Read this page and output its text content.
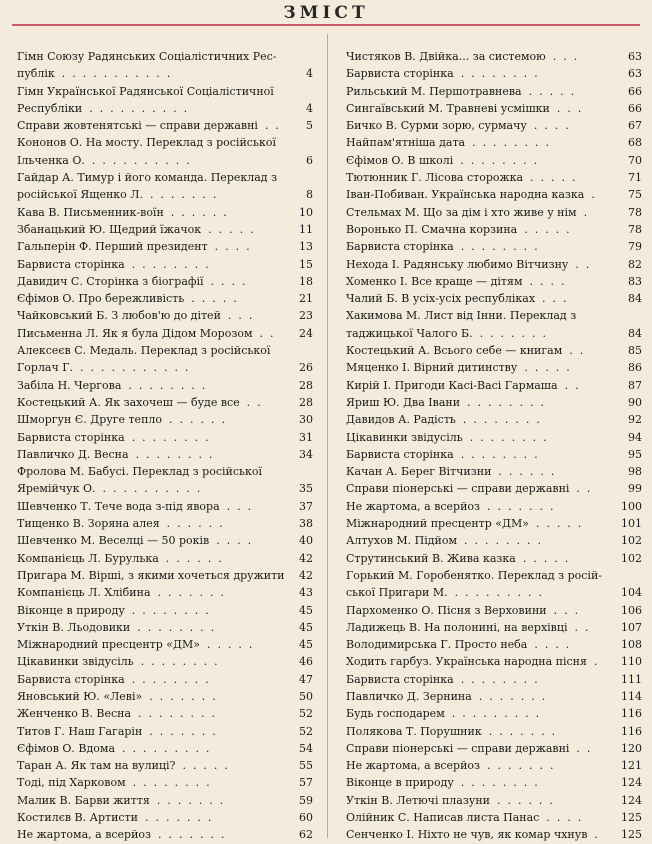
ЗМІСТ
Гімн Союзу Радянських Соціалістичних Рес-
публік  .  .  .  .  .  .  .  .  .  .  .	4
Гімн Української Радянської Соціалістичної
Республіки  .  .  .  .  .  .  .  .  .  .	4
Справи жовтенятські — справи державні  .  .	5
Кононов О. На мосту. Переклад з російської
Ільченка О.  .  .  .  .  .  .  .  .  .  .	6
Гайдар А. Тимур і його команда. Переклад з
російської Ященко Л.  .  .  .  .  .  .  .	8
Кава В. Письменник-воїн  .  .  .  .  .  .	10
Збанацький Ю. Щедрий їжачок  .  .  .  .  .	11
Гальперін Ф. Перший президент  .  .  .  .	13
Барвиста сторінка  .  .  .  .  .  .  .  .	15
Давидич С. Сторінка з біографії  .  .  .  .	18
Єфімов О. Про бережливість  .  .  .  .  .	21
Чайковський Б. З любов'ю до дітей  .  .  .	23
Письменна Л. Як я була Дідом Морозом  .  .	24
Алексеєв С. Медаль. Переклад з російської
Горлач Г.  .  .  .  .  .  .  .  .  .  .  .	26
Забіла Н. Чергова  .  .  .  .  .  .  .  .	28
Костецький А. Як захочеш — буде все  .  .	28
Шморгун Є. Друге тепло  .  .  .  .  .  .	30
Барвиста сторінка  .  .  .  .  .  .  .  .	31
Павличко Д. Весна  .  .  .  .  .  .  .  .	34
Фролова М. Бабусі. Переклад з російської
Яремійчук О.  .  .  .  .  .  .  .  .  .  .	35
Шевченко Т. Тече вода з-під явора  .  .  .	37
Тищенко В. Зоряна алея  .  .  .  .  .  .	38
Шевченко М. Веселці — 50 років  .  .  .  .	40
Компанієць Л. Бурулька  .  .  .  .  .  .	42
Пригара М. Вірші, з якими хочеться дружити	42
Компанієць Л. Хлібина  .  .  .  .  .  .  .	43
Віконце в природу  .  .  .  .  .  .  .  .	45
Уткін В. Льодовики  .  .  .  .  .  .  .  .	45
Міжнародний пресцентр «ДМ»  .  .  .  .  .	45
Цікавинки звідусіль  .  .  .  .  .  .  .  .	46
Барвиста сторінка  .  .  .  .  .  .  .  .	47
Яновський Ю. «Леві»  .  .  .  .  .  .  .	50
Женченко В. Весна  .  .  .  .  .  .  .  .	52
Титов Г. Наш Гагарін  .  .  .  .  .  .  .	52
Єфімов О. Вдома  .  .  .  .  .  .  .  .  .	54
Таран А. Як там на вулиці?  .  .  .  .  .	55
Тоді, під Харковом  .  .  .  .  .  .  .  .	57
Малик В. Барви життя  .  .  .  .  .  .  .	59
Костилєв В. Артисти  .  .  .  .  .  .  .	60
Не жартома, а всерйоз  .  .  .  .  .  .  .	62
Чистяков В. Двійка... за системою  .  .  .	63
Барвиста сторінка  .  .  .  .  .  .  .  .	63
Рильський М. Першотравнева  .  .  .  .  .	66
Сингаївський М. Травневі усмішки  .  .  .	66
Бичко В. Сурми зорю, сурмачу  .  .  .  .	67
Найпам'ятніша дата  .  .  .  .  .  .  .  .	68
Єфімов О. В школі  .  .  .  .  .  .  .  .	70
Тютюнник Г. Лісова сторожка  .  .  .  .  .	71
Іван-Побиван. Українська народна казка  .	75
Стельмах М. Що за дім і хто живе у нім  .	78
Воронько П. Смачна корзина  .  .  .  .  .	78
Барвиста сторінка  .  .  .  .  .  .  .  .	79
Нехода І. Радянську любимо Вітчизну  .  .	82
Хоменко І. Все краще — дітям  .  .  .  .	83
Чалий Б. В усіх-усіх республіках  .  .  .	84
Хакимова М. Лист від Інни. Переклад з
таджицької Чалого Б.  .  .  .  .  .  .  .	84
Костецький А. Всього себе — книгам  .  .	85
Мяценко І. Вірний дитинству  .  .  .  .  .	86
Кирій І. Пригоди Касі-Васі Гармаша  .  .	87
Яриш Ю. Два Івани  .  .  .  .  .  .  .  .	90
Давидов А. Радість  .  .  .  .  .  .  .  .	92
Цікавинки звідусіль  .  .  .  .  .  .  .  .	94
Барвиста сторінка  .  .  .  .  .  .  .  .	95
Качан А. Берег Вітчизни  .  .  .  .  .  .	98
Справи піонерські — справи державні  .  .	99
Не жартома, а всерйоз  .  .  .  .  .  .  .	100
Міжнародний пресцентр «ДМ»  .  .  .  .  .	101
Алтухов М. Підйом  .  .  .  .  .  .  .  .	102
Струтинський В. Жива казка  .  .  .  .  .	102
Горький М. Горобенятко. Переклад з росій-
ської Пригари М.  .  .  .  .  .  .  .  .  .	104
Пархоменко О. Пісня з Верховини  .  .  .	106
Ладижець В. На полонині, на верхівці  .  .	107
Володимирська Г. Просто неба  .  .  .  .	108
Ходить гарбуз. Українська народна пісня  .	110
Барвиста сторінка  .  .  .  .  .  .  .  .	111
Павличко Д. Зернина  .  .  .  .  .  .  .	114
Будь господарем  .  .  .  .  .  .  .  .  .	116
Полякова Т. Порушник  .  .  .  .  .  .  .	116
Справи піонерські — справи державні  .  .	120
Не жартома, а всерйоз  .  .  .  .  .  .  .	121
Віконце в природу  .  .  .  .  .  .  .  .	124
Уткін В. Летючі плазуни  .  .  .  .  .  .	124
Олійник С. Написав листа Панас  .  .  .  .	125
Сенченко І. Ніхто не чув, як комар чхнув  .	125
